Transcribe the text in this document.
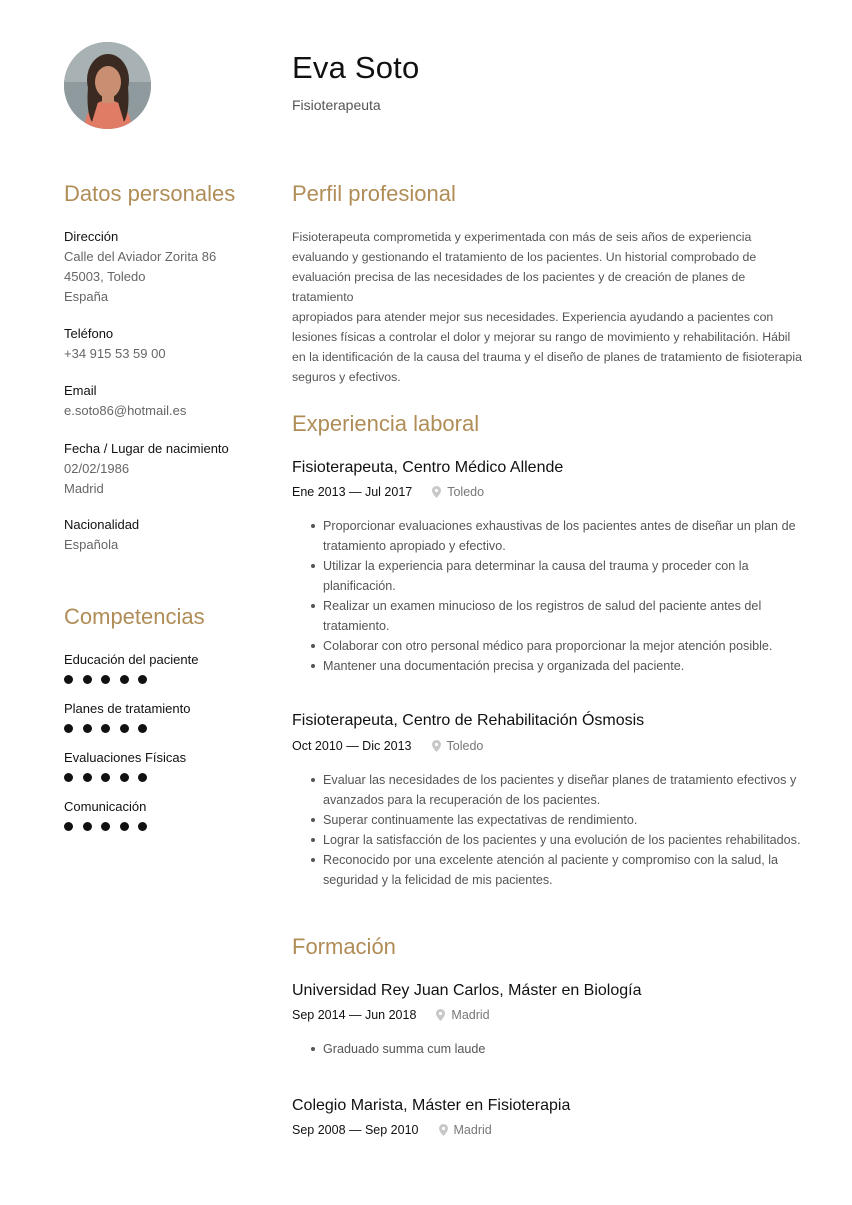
Eva Soto
Fisioterapeuta
Datos personales
Dirección
Calle del Aviador Zorita 86
45003, Toledo
España
Teléfono
+34 915 53 59 00
Email
e.soto86@hotmail.es
Fecha / Lugar de nacimiento
02/02/1986
Madrid
Nacionalidad
Española
Competencias
Educación del paciente
Planes de tratamiento
Evaluaciones Físicas
Comunicación
Perfil profesional
Fisioterapeuta comprometida y experimentada con más de seis años de experiencia
evaluando y gestionando el tratamiento de los pacientes. Un historial comprobado de
evaluación precisa de las necesidades de los pacientes y de creación de planes de tratamiento
apropiados para atender mejor sus necesidades. Experiencia ayudando a pacientes con
lesiones físicas a controlar el dolor y mejorar su rango de movimiento y rehabilitación. Hábil
en la identificación de la causa del trauma y el diseño de planes de tratamiento de fisioterapia
seguros y efectivos.
Experiencia laboral
Fisioterapeuta, Centro Médico Allende
Ene 2013 — Jul 2017	Toledo
Proporcionar evaluaciones exhaustivas de los pacientes antes de diseñar un plan de
tratamiento apropiado y efectivo.
Utilizar la experiencia para determinar la causa del trauma y proceder con la
planificación.
Realizar un examen minucioso de los registros de salud del paciente antes del
tratamiento.
Colaborar con otro personal médico para proporcionar la mejor atención posible.
Mantener una documentación precisa y organizada del paciente.
Fisioterapeuta, Centro de Rehabilitación Ósmosis
Oct 2010 — Dic 2013	Toledo
Evaluar las necesidades de los pacientes y diseñar planes de tratamiento efectivos y
avanzados para la recuperación de los pacientes.
Superar continuamente las expectativas de rendimiento.
Lograr la satisfacción de los pacientes y una evolución de los pacientes rehabilitados.
Reconocido por una excelente atención al paciente y compromiso con la salud, la
seguridad y la felicidad de mis pacientes.
Formación
Universidad Rey Juan Carlos, Máster en Biología
Sep 2014 — Jun 2018	Madrid
Graduado summa cum laude
Colegio Marista, Máster en Fisioterapia
Sep 2008 — Sep 2010	Madrid
